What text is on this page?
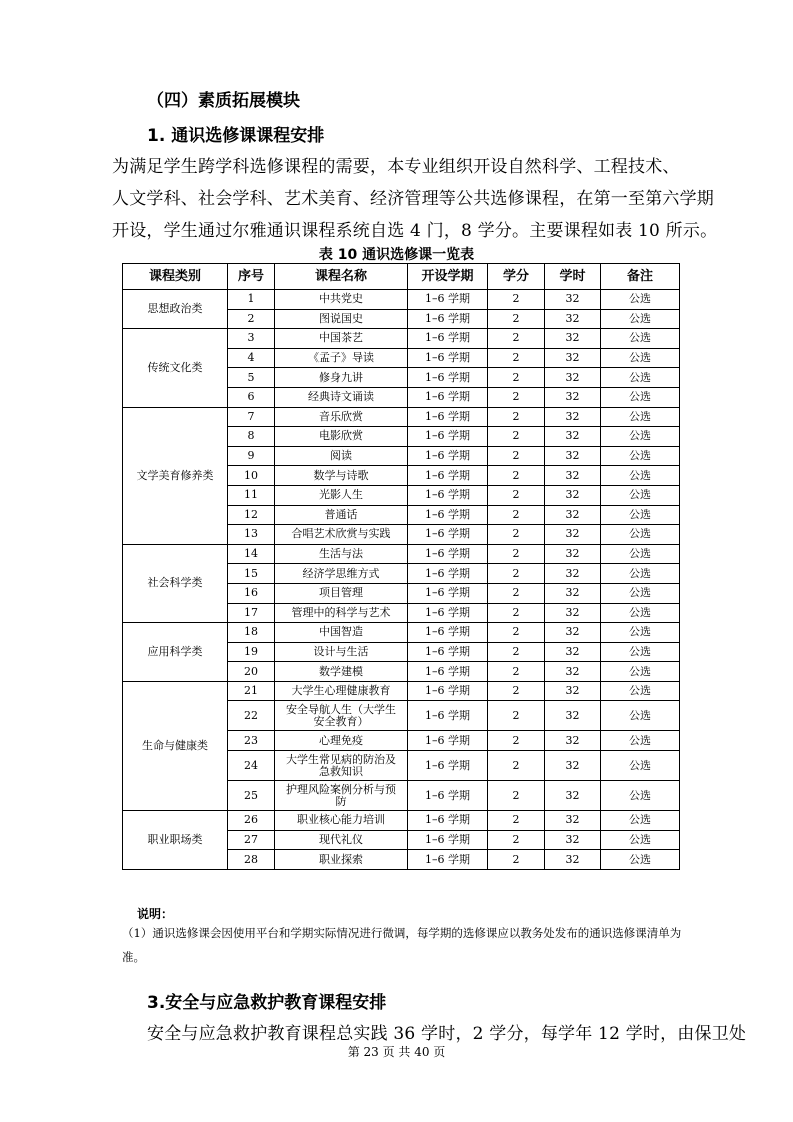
（四）素质拓展模块
1. 通识选修课课程安排
为满足学生跨学科选修课程的需要，本专业组织开设自然科学、工程技术、
人文学科、社会学科、艺术美育、经济管理等公共选修课程，在第一至第六学期
开设，学生通过尔雅通识课程系统自选 4 门，8 学分。主要课程如表 10 所示。
表 10 通识选修课一览表
课程类别	序号	课程名称	开设学期	学分	学时	备注
思想政治类	1	中共党史	1–6 学期	2	32	公选
	2	图说国史	1–6 学期	2	32	公选
传统文化类	3	中国茶艺	1–6 学期	2	32	公选
	4	《孟子》导读	1–6 学期	2	32	公选
	5	修身九讲	1–6 学期	2	32	公选
	6	经典诗文诵读	1–6 学期	2	32	公选
文学美育修养类	7	音乐欣赏	1–6 学期	2	32	公选
	8	电影欣赏	1–6 学期	2	32	公选
	9	阅读	1–6 学期	2	32	公选
	10	数学与诗歌	1–6 学期	2	32	公选
	11	光影人生	1–6 学期	2	32	公选
	12	普通话	1–6 学期	2	32	公选
	13	合唱艺术欣赏与实践	1–6 学期	2	32	公选
社会科学类	14	生活与法	1–6 学期	2	32	公选
	15	经济学思维方式	1–6 学期	2	32	公选
	16	项目管理	1–6 学期	2	32	公选
	17	管理中的科学与艺术	1–6 学期	2	32	公选
应用科学类	18	中国智造	1–6 学期	2	32	公选
	19	设计与生活	1–6 学期	2	32	公选
	20	数学建模	1–6 学期	2	32	公选
生命与健康类	21	大学生心理健康教育	1–6 学期	2	32	公选
	22	安全导航人生（大学生安全教育）	1–6 学期	2	32	公选
	23	心理免疫	1–6 学期	2	32	公选
	24	大学生常见病的防治及急救知识	1–6 学期	2	32	公选
	25	护理风险案例分析与预防	1–6 学期	2	32	公选
职业职场类	26	职业核心能力培训	1–6 学期	2	32	公选
	27	现代礼仪	1–6 学期	2	32	公选
	28	职业探索	1–6 学期	2	32	公选
说明：
（1）通识选修课会因使用平台和学期实际情况进行微调，每学期的选修课应以教务处发布的通识选修课清单为准。
3.安全与应急救护教育课程安排
安全与应急救护教育课程总实践 36 学时，2 学分，每学年 12 学时，由保卫处
第 23 页 共 40 页
